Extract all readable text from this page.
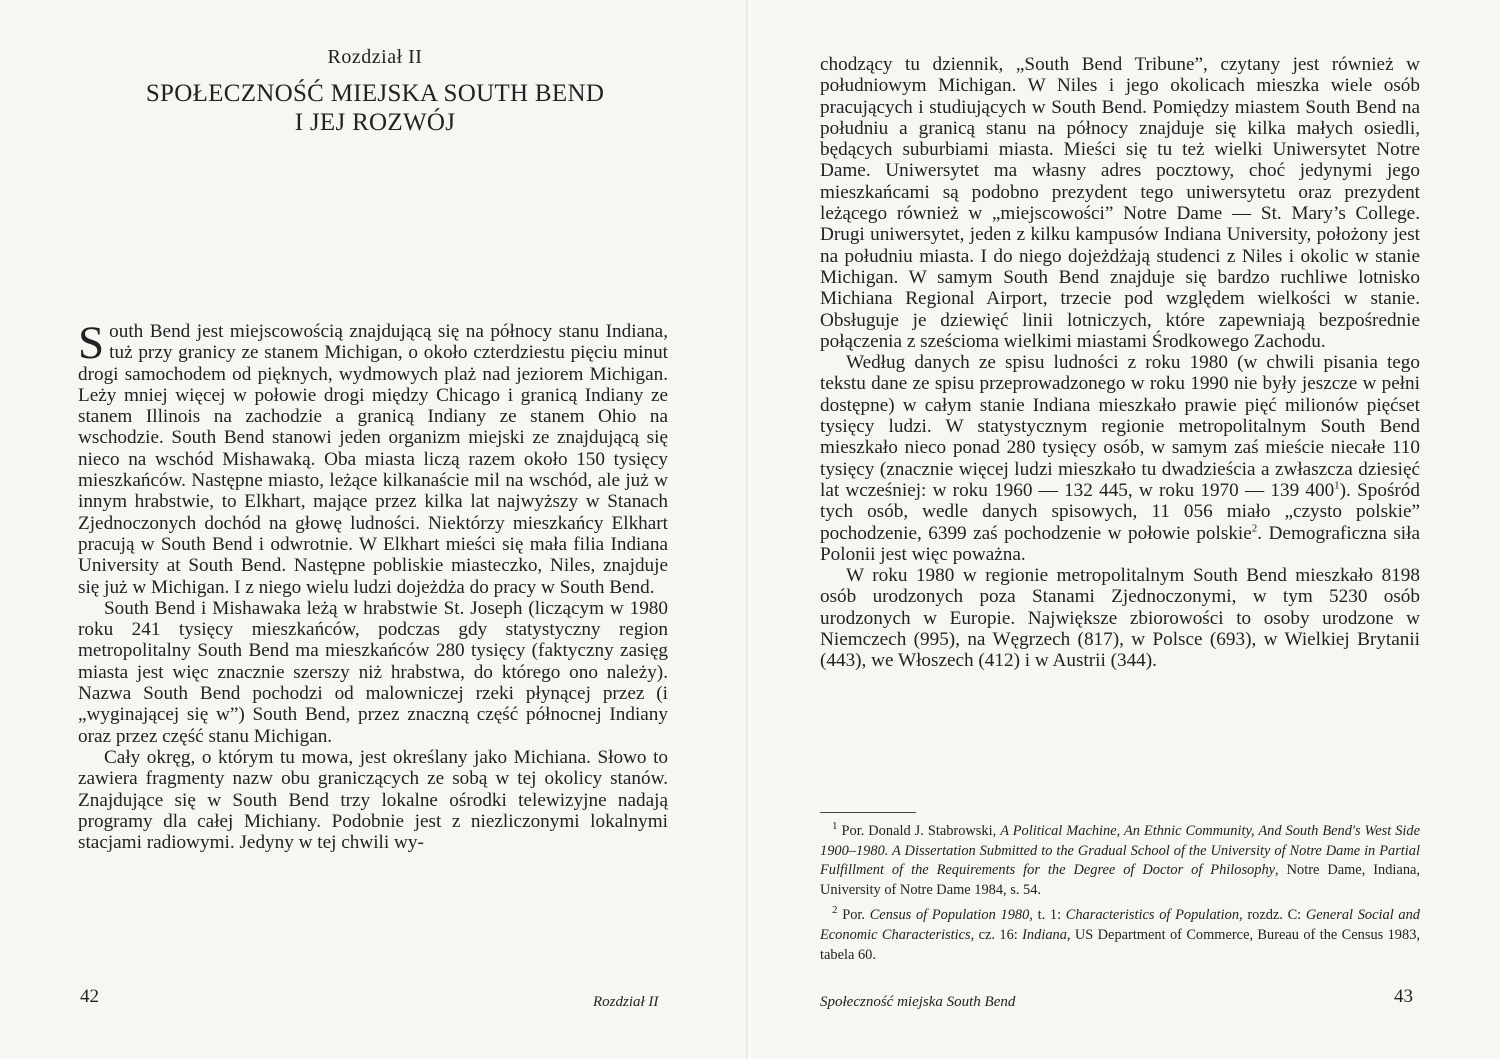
Rozdział II
SPOŁECZNOŚĆ MIEJSKA SOUTH BEND
I JEJ ROZWÓJ

South Bend jest miejscowością znajdującą się na północy stanu Indiana, tuż przy granicy ze stanem Michigan, o około czterdziestu pięciu minut drogi samochodem od pięknych, wydmowych plaż nad jeziorem Michigan. Leży mniej więcej w połowie drogi między Chicago i granicą Indiany ze stanem Illinois na zachodzie a granicą Indiany ze stanem Ohio na wschodzie. South Bend stanowi jeden organizm miejski ze znajdującą się nieco na wschód Mishawaką. Oba miasta liczą razem około 150 tysięcy mieszkańców. Następne miasto, leżące kilkanaście mil na wschód, ale już w innym hrabstwie, to Elkhart, mające przez kilka lat najwyższy w Stanach Zjednoczonych dochód na głowę ludności. Niektórzy mieszkańcy Elkhart pracują w South Bend i odwrotnie. W Elkhart mieści się mała filia Indiana University at South Bend. Następne pobliskie miasteczko, Niles, znajduje się już w Michigan. I z niego wielu ludzi dojeżdża do pracy w South Bend.

South Bend i Mishawaka leżą w hrabstwie St. Joseph (liczącym w 1980 roku 241 tysięcy mieszkańców, podczas gdy statystyczny region metropolitalny South Bend ma mieszkańców 280 tysięcy (faktyczny zasięg miasta jest więc znacznie szerszy niż hrabstwa, do którego ono należy). Nazwa South Bend pochodzi od malowniczej rzeki płynącej przez (i „wyginającej się w”) South Bend, przez znaczną część północnej Indiany oraz przez część stanu Michigan.

Cały okręg, o którym tu mowa, jest określany jako Michiana. Słowo to zawiera fragmenty nazw obu graniczących ze sobą w tej okolicy stanów. Znajdujące się w South Bend trzy lokalne ośrodki telewizyjne nadają programy dla całej Michiany. Podobnie jest z niezliczonymi lokalnymi stacjami radiowymi. Jedyny w tej chwili wy-

42	Rozdział II

chodzący tu dziennik, „South Bend Tribune”, czytany jest również w południowym Michigan. W Niles i jego okolicach mieszka wiele osób pracujących i studiujących w South Bend. Pomiędzy miastem South Bend na południu a granicą stanu na północy znajduje się kilka małych osiedli, będących suburbiami miasta. Mieści się tu też wielki Uniwersytet Notre Dame. Uniwersytet ma własny adres pocztowy, choć jedynymi jego mieszkańcami są podobno prezydent tego uniwersytetu oraz prezydent leżącego również w „miejscowości” Notre Dame — St. Mary’s College. Drugi uniwersytet, jeden z kilku kampusów Indiana University, położony jest na południu miasta. I do niego dojeżdżają studenci z Niles i okolic w stanie Michigan. W samym South Bend znajduje się bardzo ruchliwe lotnisko Michiana Regional Airport, trzecie pod względem wielkości w stanie. Obsługuje je dziewięć linii lotniczych, które zapewniają bezpośrednie połączenia z sześcioma wielkimi miastami Środkowego Zachodu.

Według danych ze spisu ludności z roku 1980 (w chwili pisania tego tekstu dane ze spisu przeprowadzonego w roku 1990 nie były jeszcze w pełni dostępne) w całym stanie Indiana mieszkało prawie pięć milionów pięćset tysięcy ludzi. W statystycznym regionie metropolitalnym South Bend mieszkało nieco ponad 280 tysięcy osób, w samym zaś mieście niecałe 110 tysięcy (znacznie więcej ludzi mieszkało tu dwadzieścia a zwłaszcza dziesięć lat wcześniej: w roku 1960 — 132 445, w roku 1970 — 139 $400^1$). Spośród tych osób, wedle danych spisowych, 11 056 miało „czysto polskie” pochodzenie, 6399 zaś pochodzenie w połowie polskie$^2$. Demograficzna siła Polonii jest więc poważna.

W roku 1980 w regionie metropolitalnym South Bend mieszkało 8198 osób urodzonych poza Stanami Zjednoczonymi, w tym 5230 osób urodzonych w Europie. Największe zbiorowości to osoby urodzone w Niemczech (995), na Węgrzech (817), w Polsce (693), w Wielkiej Brytanii (443), we Włoszech (412) i w Austrii (344).

$^1$ Por. Donald J. Stabrowski, A Political Machine, An Ethnic Community, And South Bend's West Side 1900–1980. A Dissertation Submitted to the Gradual School of the University of Notre Dame in Partial Fulfillment of the Requirements for the Degree of Doctor of Philosophy, Notre Dame, Indiana, University of Notre Dame 1984, s. 54.

$^2$ Por. Census of Population 1980, t. 1: Characteristics of Population, rozdz. C: General Social and Economic Characteristics, cz. 16: Indiana, US Department of Commerce, Bureau of the Census 1983, tabela 60.

Społeczność miejska South Bend	43
